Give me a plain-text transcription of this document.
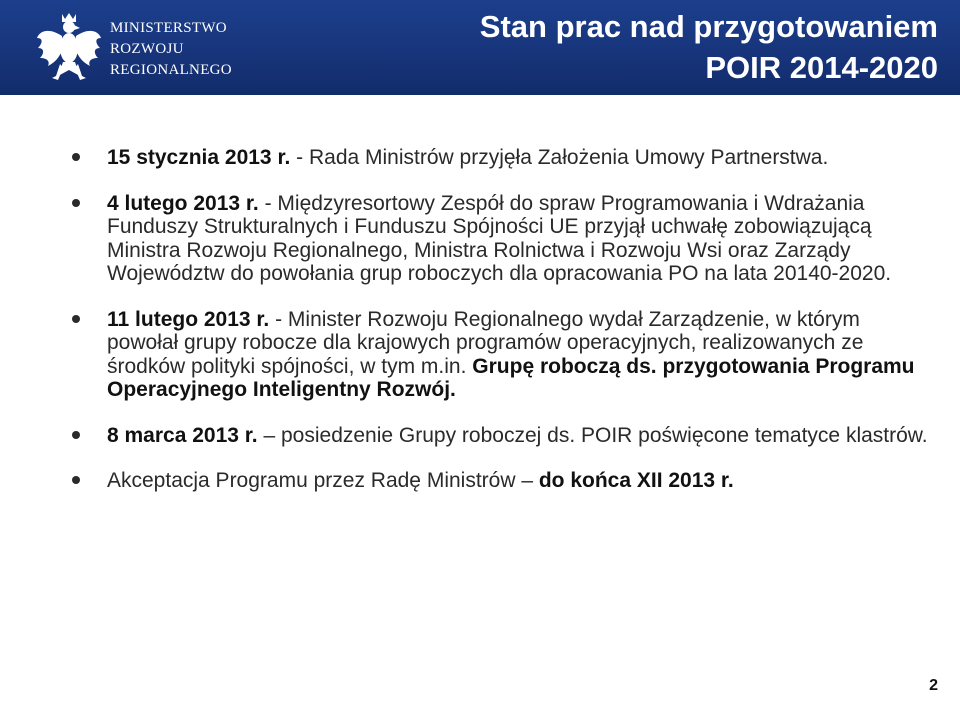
MINISTERSTWO
ROZWOJU
REGIONALNEGO
Stan prac nad przygotowaniem
POIR 2014-2020
15 stycznia 2013 r. - Rada Ministrów przyjęła Założenia Umowy Partnerstwa.
4 lutego 2013 r. - Międzyresortowy Zespół do spraw Programowania i Wdrażania Funduszy Strukturalnych i Funduszu Spójności UE przyjął uchwałę zobowiązującą Ministra Rozwoju Regionalnego, Ministra Rolnictwa i Rozwoju Wsi oraz Zarządy Województw do powołania grup roboczych dla opracowania PO na lata 20140-2020.
11 lutego 2013 r. - Minister Rozwoju Regionalnego wydał Zarządzenie, w którym powołał grupy robocze dla krajowych programów operacyjnych, realizowanych ze środków polityki spójności, w tym m.in. Grupę roboczą ds. przygotowania Programu Operacyjnego Inteligentny Rozwój.
8 marca 2013 r. – posiedzenie Grupy roboczej ds. POIR poświęcone tematyce klastrów.
Akceptacja Programu przez Radę Ministrów – do końca XII 2013 r.
2
